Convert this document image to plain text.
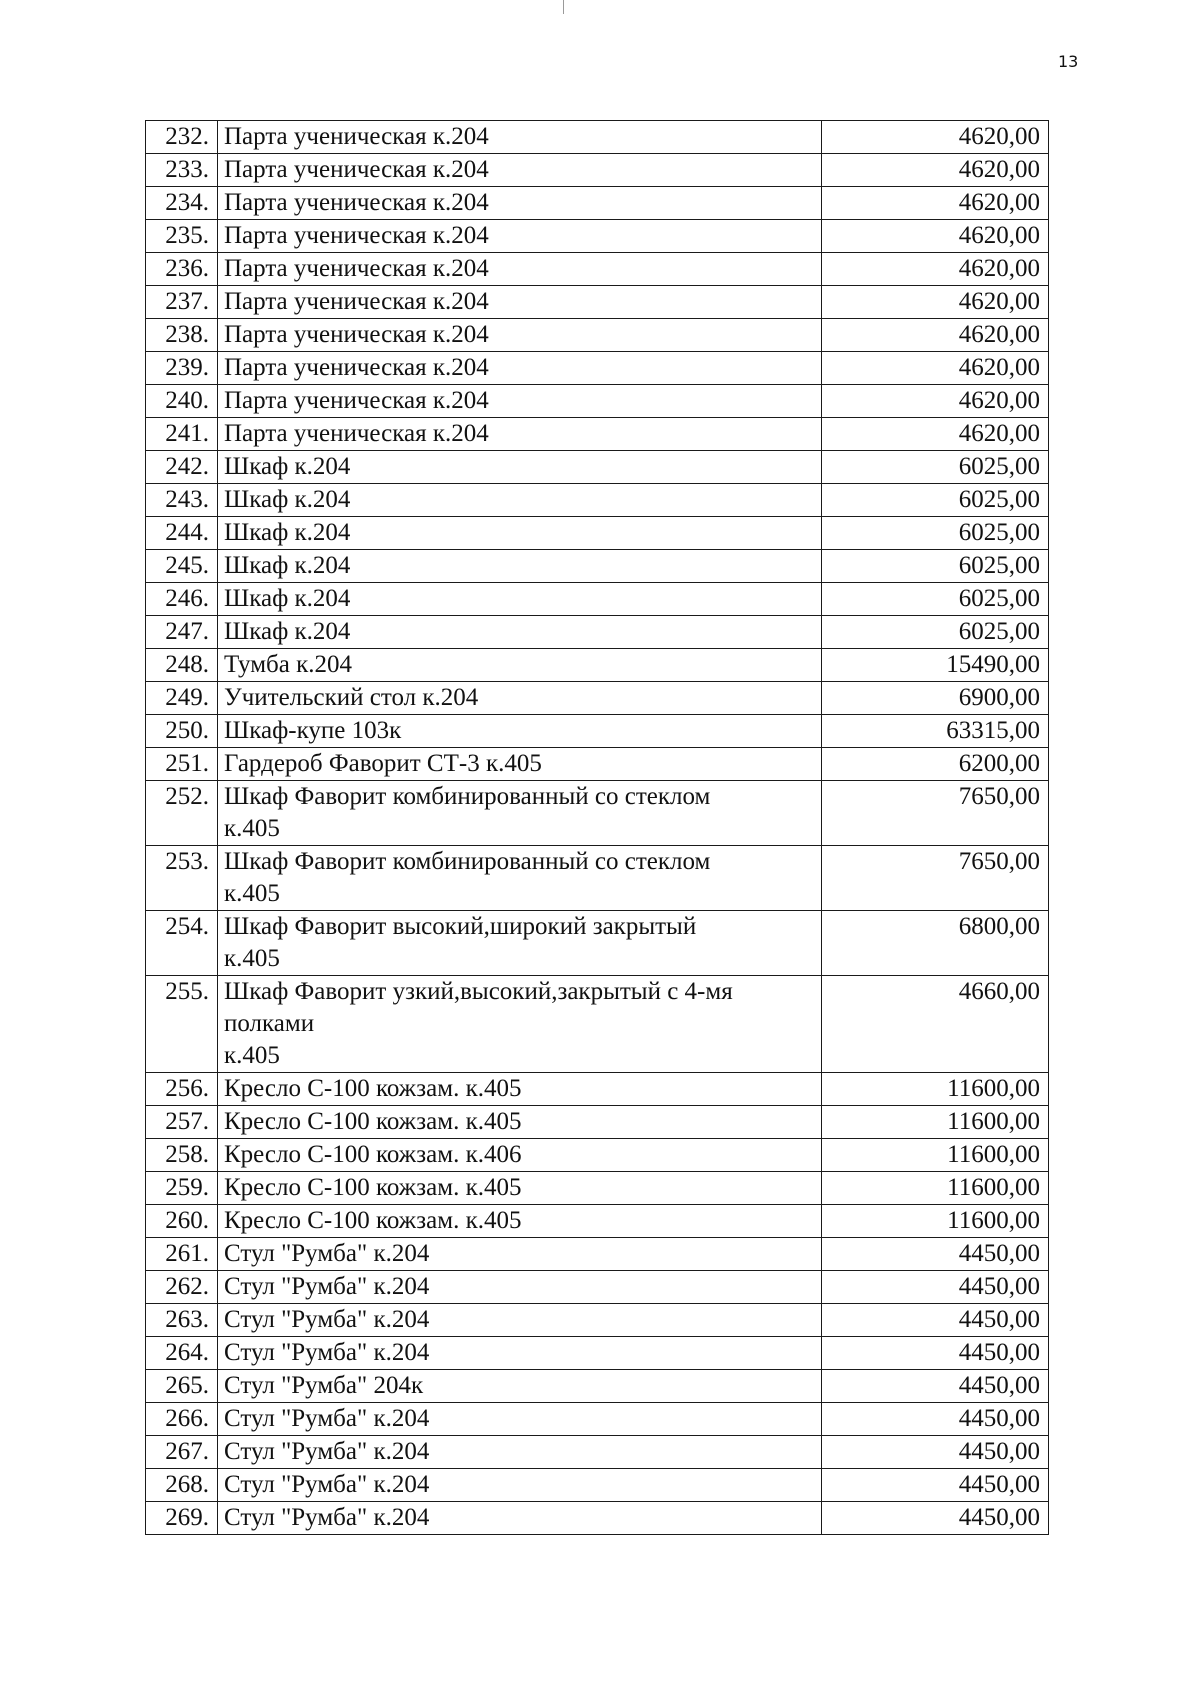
13
232.	Парта ученическая к.204	4620,00
233.	Парта ученическая к.204	4620,00
234.	Парта ученическая к.204	4620,00
235.	Парта ученическая к.204	4620,00
236.	Парта ученическая к.204	4620,00
237.	Парта ученическая к.204	4620,00
238.	Парта ученическая к.204	4620,00
239.	Парта ученическая к.204	4620,00
240.	Парта ученическая к.204	4620,00
241.	Парта ученическая к.204	4620,00
242.	Шкаф к.204	6025,00
243.	Шкаф к.204	6025,00
244.	Шкаф к.204	6025,00
245.	Шкаф к.204	6025,00
246.	Шкаф к.204	6025,00
247.	Шкаф к.204	6025,00
248.	Тумба к.204	15490,00
249.	Учительский стол к.204	6900,00
250.	Шкаф-купе 103к	63315,00
251.	Гардероб Фаворит СТ-3 к.405	6200,00
252.	Шкаф Фаворит комбинированный со стеклом
к.405	7650,00
253.	Шкаф Фаворит комбинированный со стеклом
к.405	7650,00
254.	Шкаф Фаворит высокий,широкий закрытый
к.405	6800,00
255.	Шкаф Фаворит узкий,высокий,закрытый с 4-мя
полками
к.405	4660,00
256.	Кресло С-100 кожзам. к.405	11600,00
257.	Кресло С-100 кожзам. к.405	11600,00
258.	Кресло С-100 кожзам. к.406	11600,00
259.	Кресло С-100 кожзам. к.405	11600,00
260.	Кресло С-100 кожзам. к.405	11600,00
261.	Стул "Румба" к.204	4450,00
262.	Стул "Румба" к.204	4450,00
263.	Стул "Румба" к.204	4450,00
264.	Стул "Румба" к.204	4450,00
265.	Стул "Румба" 204к	4450,00
266.	Стул "Румба" к.204	4450,00
267.	Стул "Румба" к.204	4450,00
268.	Стул "Румба" к.204	4450,00
269.	Стул "Румба" к.204	4450,00
